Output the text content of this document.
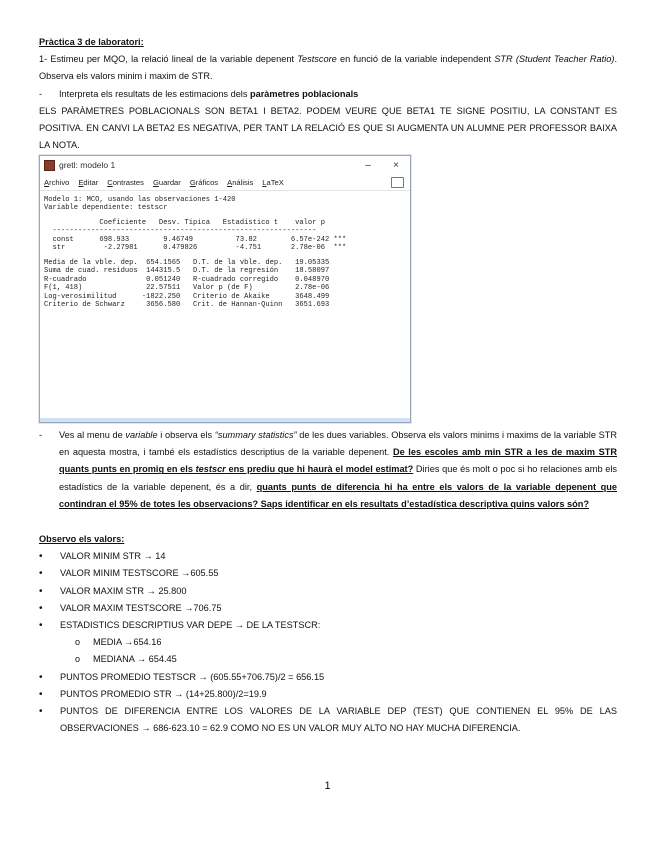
Pràctica 3 de laboratori:

1- Estimeu per MQO, la relació lineal de la variable depenent Testscore en funció de la variable independent STR (Student Teacher Ratio). Observa els valors minim i maxim de STR.

- Interpreta els resultats de les estimacions dels paràmetres poblacionals

ELS PARÀMETRES POBLACIONALS SON BETA1 I BETA2. PODEM VEURE QUE BETA1 TE SIGNE POSITIU, LA CONSTANT ES POSITIVA. EN CANVI LA BETA2 ES NEGATIVA, PER TANT LA RELACIÓ ES QUE SI AUGMENTA UN ALUMNE PER PROFESSOR BAIXA LA NOTA.

gretl: modelo 1	–	×
Archivo Editar Contrastes Guardar Gráficos Análisis LaTeX
Modelo 1: MCO, usando las observaciones 1-420
Variable dependiente: testscr
Coeficiente   Desv. Típica   Estadístico t    valor p
--------------------------------------------------------------
const      698.933        9.46749          73.82        6.57e-242 ***
str         -2.27981      0.479826         -4.751       2.78e-06  ***
Media de la vble. dep.  654.1565   D.T. de la vble. dep.   19.05335
Suma de cuad. residuos  144315.5   D.T. de la regresión    18.58097
R-cuadrado              0.051240   R-cuadrado corregido    0.048970
F(1, 418)               22.57511   Valor p (de F)          2.78e-06
Log-verosimilitud      -1822.250   Criterio de Akaike      3648.499
Criterio de Schwarz     3656.580   Crit. de Hannan-Quinn   3651.693

- Ves al menu de variable i observa els “summary statistics” de les dues variables. Observa els valors minims i maxims de la variable STR en aquesta mostra, i també els estadístics descriptius de la variable depenent. De les escoles amb min STR a les de maxim STR quants punts en promig en els testscr ens prediu que hi haurà el model estimat? Diries que és molt o poc si ho relaciones amb els estadístics de la variable depenent, és a dir, quants punts de diferencia hi ha entre els valors de la variable depenent que contindran el 95% de totes les observacions? Saps identificar en els resultats d’estadística descriptiva quins valors són?

Observo els valors:

• VALOR MINIM STR → 14
• VALOR MINIM TESTSCORE →605.55
• VALOR MAXIM STR → 25.800
• VALOR MAXIM TESTSCORE →706.75
• ESTADISTICS DESCRIPTIUS VAR DEPE → DE LA TESTSCR:
o MEDIA →654.16
o MEDIANA → 654.45
• PUNTOS PROMEDIO TESTSCR → (605.55+706.75)/2 = 656.15
• PUNTOS PROMEDIO STR → (14+25.800)/2=19.9
• PUNTOS DE DIFERENCIA ENTRE LOS VALORES DE LA VARIABLE DEP (TEST) QUE CONTIENEN EL 95% DE LAS OBSERVACIONES → 686-623.10 = 62.9 COMO NO ES UN VALOR MUY ALTO NO HAY MUCHA DIFERENCIA.
1
